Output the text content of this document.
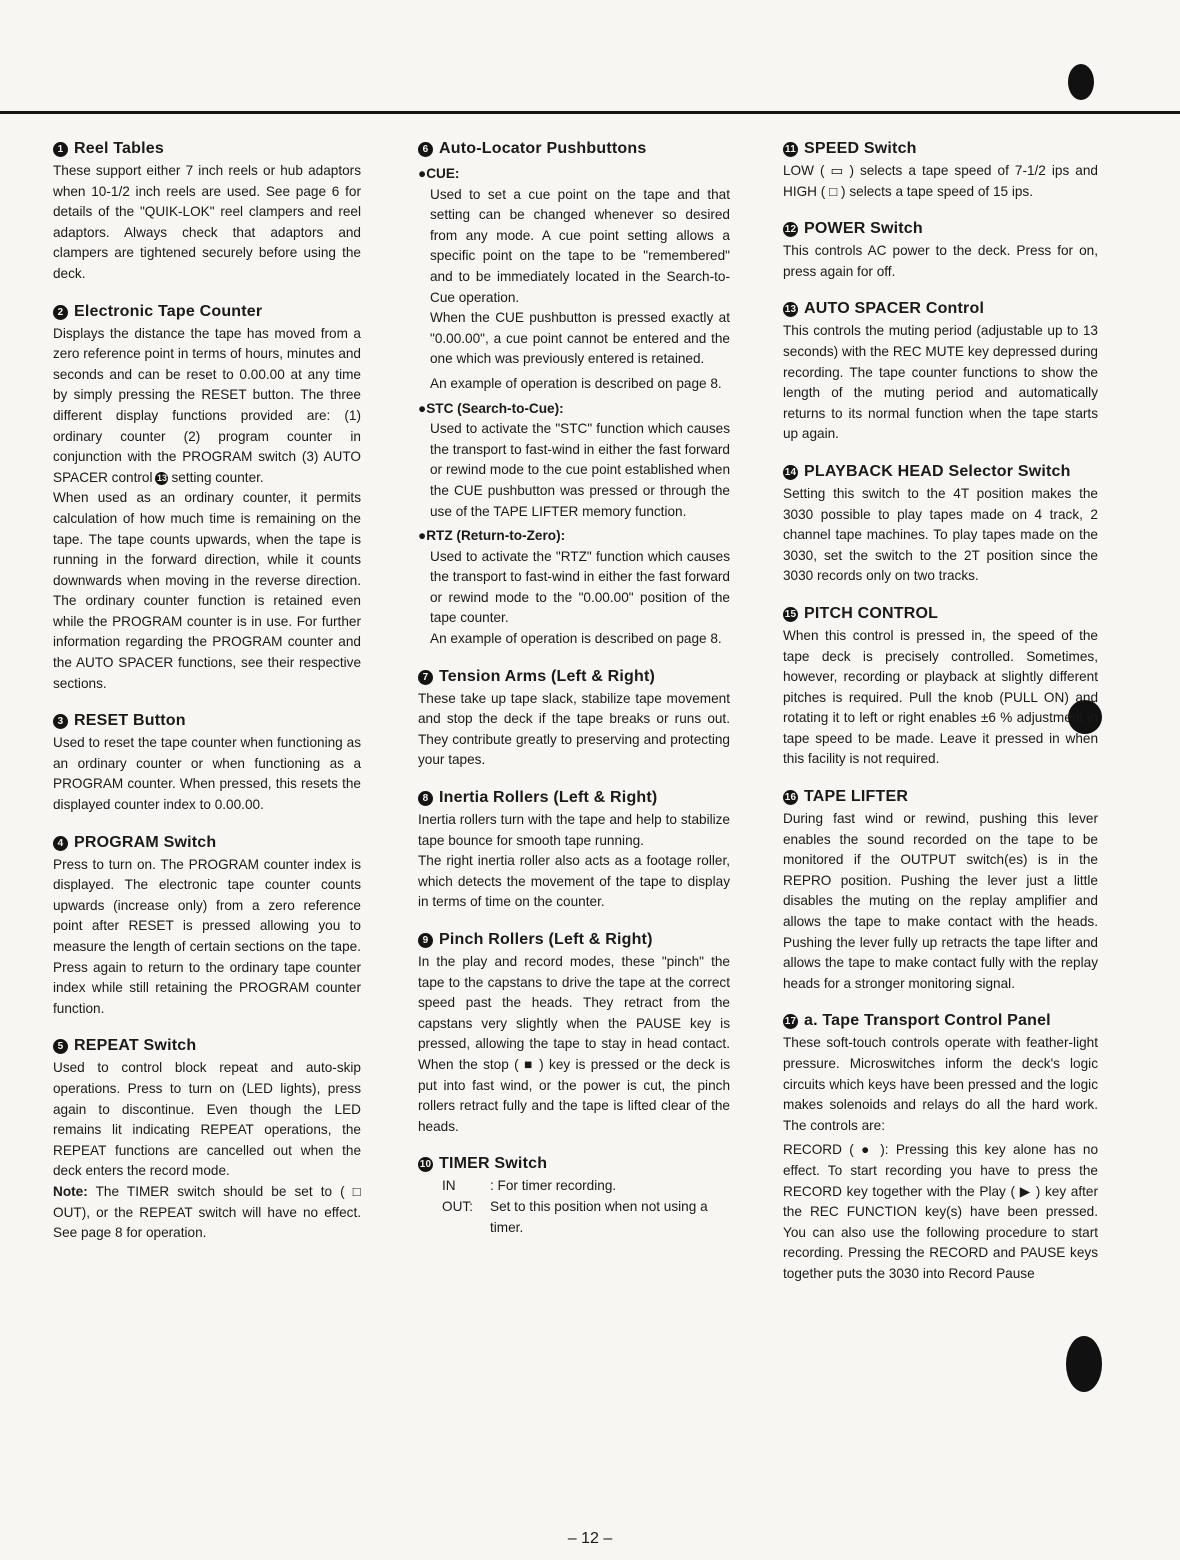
1 Reel Tables

These support either 7 inch reels or hub adaptors when 10-1/2 inch reels are used. See page 6 for details of the "QUIK-LOK" reel clampers and reel adaptors. Always check that adaptors and clampers are tightened securely before using the deck.

2 Electronic Tape Counter

Displays the distance the tape has moved from a zero reference point in terms of hours, minutes and seconds and can be reset to 0.00.00 at any time by simply pressing the RESET button. The three different display functions provided are: (1) ordinary counter (2) program counter in conjunction with the PROGRAM switch (3) AUTO SPACER control 13 setting counter.

When used as an ordinary counter, it permits calculation of how much time is remaining on the tape. The tape counts upwards, when the tape is running in the forward direction, while it counts downwards when moving in the reverse direction. The ordinary counter function is retained even while the PROGRAM counter is in use. For further information regarding the PROGRAM counter and the AUTO SPACER functions, see their respective sections.

3 RESET Button

Used to reset the tape counter when functioning as an ordinary counter or when functioning as a PROGRAM counter. When pressed, this resets the displayed counter index to 0.00.00.

4 PROGRAM Switch

Press to turn on. The PROGRAM counter index is displayed. The electronic tape counter counts upwards (increase only) from a zero reference point after RESET is pressed allowing you to measure the length of certain sections on the tape. Press again to return to the ordinary tape counter index while still retaining the PROGRAM counter function.

5 REPEAT Switch

Used to control block repeat and auto-skip operations. Press to turn on (LED lights), press again to discontinue. Even though the LED remains lit indicating REPEAT operations, the REPEAT functions are cancelled out when the deck enters the record mode.

Note: The TIMER switch should be set to ( □ OUT), or the REPEAT switch will have no effect. See page 8 for operation.

6 Auto-Locator Pushbuttons
●CUE:

Used to set a cue point on the tape and that setting can be changed whenever so desired from any mode. A cue point setting allows a specific point on the tape to be "remembered" and to be immediately located in the Search-to-Cue operation.

When the CUE pushbutton is pressed exactly at "0.00.00", a cue point cannot be entered and the one which was previously entered is retained.

An example of operation is described on page 8.

●STC (Search-to-Cue):

Used to activate the "STC" function which causes the transport to fast-wind in either the fast forward or rewind mode to the cue point established when the CUE pushbutton was pressed or through the use of the TAPE LIFTER memory function.

●RTZ (Return-to-Zero):

Used to activate the "RTZ" function which causes the transport to fast-wind in either the fast forward or rewind mode to the "0.00.00" position of the tape counter.

An example of operation is described on page 8.

7 Tension Arms (Left & Right)

These take up tape slack, stabilize tape movement and stop the deck if the tape breaks or runs out. They contribute greatly to preserving and protecting your tapes.

8 Inertia Rollers (Left & Right)

Inertia rollers turn with the tape and help to stabilize tape bounce for smooth tape running.

The right inertia roller also acts as a footage roller, which detects the movement of the tape to display in terms of time on the counter.

9 Pinch Rollers (Left & Right)

In the play and record modes, these "pinch" the tape to the capstans to drive the tape at the correct speed past the heads. They retract from the capstans very slightly when the PAUSE key is pressed, allowing the tape to stay in head contact. When the stop ( ■ ) key is pressed or the deck is put into fast wind, or the power is cut, the pinch rollers retract fully and the tape is lifted clear of the heads.

10 TIMER Switch
IN	: For timer recording.
OUT:	Set to this position when not using a timer.
11 SPEED Switch

LOW ( ▭ ) selects a tape speed of 7-1/2 ips and HIGH ( □ ) selects a tape speed of 15 ips.

12 POWER Switch

This controls AC power to the deck. Press for on, press again for off.

13 AUTO SPACER Control

This controls the muting period (adjustable up to 13 seconds) with the REC MUTE key depressed during recording. The tape counter functions to show the length of the muting period and automatically returns to its normal function when the tape starts up again.

14 PLAYBACK HEAD Selector Switch

Setting this switch to the 4T position makes the 3030 possible to play tapes made on 4 track, 2 channel tape machines. To play tapes made on the 3030, set the switch to the 2T position since the 3030 records only on two tracks.

15 PITCH CONTROL

When this control is pressed in, the speed of the tape deck is precisely controlled. Sometimes, however, recording or playback at slightly different pitches is required. Pull the knob (PULL ON) and rotating it to left or right enables ±6 % adjustment in tape speed to be made. Leave it pressed in when this facility is not required.

16 TAPE LIFTER

During fast wind or rewind, pushing this lever enables the sound recorded on the tape to be monitored if the OUTPUT switch(es) is in the REPRO position. Pushing the lever just a little disables the muting on the replay amplifier and allows the tape to make contact with the heads. Pushing the lever fully up retracts the tape lifter and allows the tape to make contact fully with the replay heads for a stronger monitoring signal.

17 a. Tape Transport Control Panel

These soft-touch controls operate with feather-light pressure. Microswitches inform the deck's logic circuits which keys have been pressed and the logic makes solenoids and relays do all the hard work. The controls are:

RECORD ( ● ): Pressing this key alone has no effect. To start recording you have to press the RECORD key together with the Play ( ▶ ) key after the REC FUNCTION key(s) have been pressed. You can also use the following procedure to start recording. Pressing the RECORD and PAUSE keys together puts the 3030 into Record Pause

– 12 –
